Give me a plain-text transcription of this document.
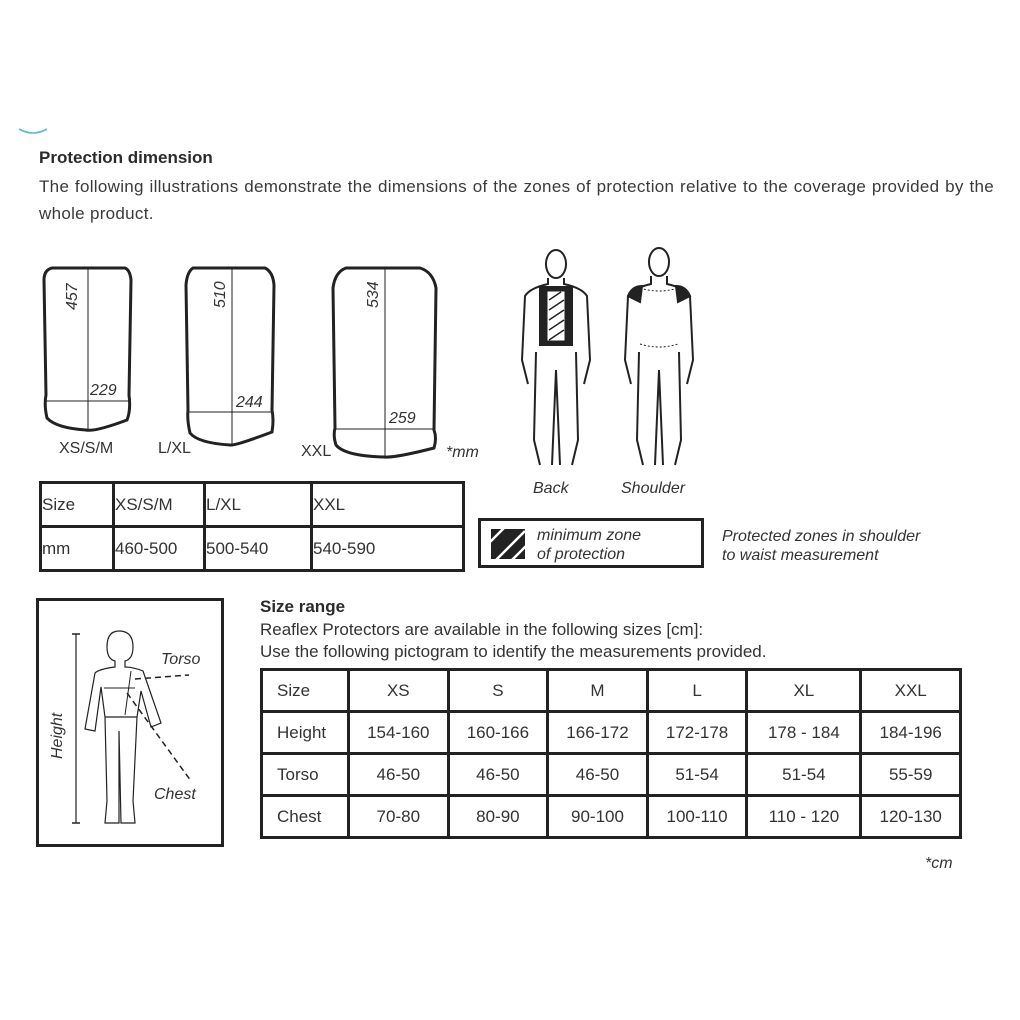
Protection dimension
The following illustrations demonstrate the dimensions of the zones of protection relative to the coverage provided by the whole product.
457
229
XS/S/M
510
244
L/XL
534
259
XXL	*mm
Back	Shoulder
Size	XS/S/M	L/XL	XXL
mm	460-500	500-540	540-590
minimum zone
of protection
Protected zones in shoulder
to waist measurement
Height
Torso
Chest
Size range
Reaflex Protectors are available in the following sizes [cm]:
Use the following pictogram to identify the measurements provided.
Size	XS	S	M	L	XL	XXL
Height	154-160	160-166	166-172	172-178	178 - 184	184-196
Torso	46-50	46-50	46-50	51-54	51-54	55-59
Chest	70-80	80-90	90-100	100-110	110 - 120	120-130
*cm
